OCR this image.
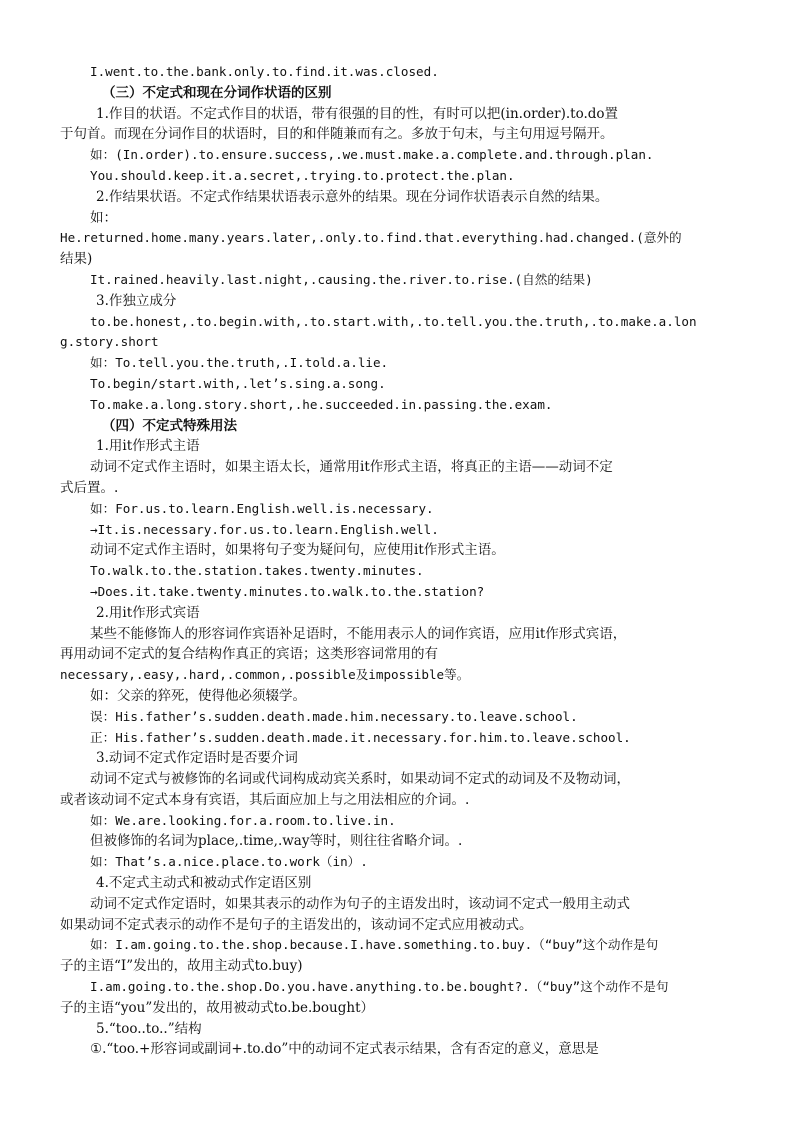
I.went.to.the.bank.only.to.find.it.was.closed.
（三）不定式和现在分词作状语的区别
1.作目的状语。不定式作目的状语，带有很强的目的性，有时可以把(in.order).to.do置
于句首。而现在分词作目的状语时，目的和伴随兼而有之。多放于句末，与主句用逗号隔开。
如：(In.order).to.ensure.success,.we.must.make.a.complete.and.through.plan.
You.should.keep.it.a.secret,.trying.to.protect.the.plan.
2.作结果状语。不定式作结果状语表示意外的结果。现在分词作状语表示自然的结果。
如：
He.returned.home.many.years.later,.only.to.find.that.everything.had.changed.(意外的
结果)
It.rained.heavily.last.night,.causing.the.river.to.rise.(自然的结果)
3.作独立成分
to.be.honest,.to.begin.with,.to.start.with,.to.tell.you.the.truth,.to.make.a.lon
g.story.short
如：To.tell.you.the.truth,.I.told.a.lie.
To.begin/start.with,.let’s.sing.a.song.
To.make.a.long.story.short,.he.succeeded.in.passing.the.exam.
（四）不定式特殊用法
1.用it作形式主语
动词不定式作主语时，如果主语太长，通常用it作形式主语，将真正的主语——动词不定
式后置。.
如：For.us.to.learn.English.well.is.necessary.
→It.is.necessary.for.us.to.learn.English.well.
动词不定式作主语时，如果将句子变为疑问句，应使用it作形式主语。
To.walk.to.the.station.takes.twenty.minutes.
→Does.it.take.twenty.minutes.to.walk.to.the.station?
2.用it作形式宾语
某些不能修饰人的形容词作宾语补足语时，不能用表示人的词作宾语，应用it作形式宾语，
再用动词不定式的复合结构作真正的宾语；这类形容词常用的有
necessary,.easy,.hard,.common,.possible及impossible等。
如：父亲的猝死，使得他必须辍学。
误：His.father’s.sudden.death.made.him.necessary.to.leave.school.
正：His.father’s.sudden.death.made.it.necessary.for.him.to.leave.school.
3.动词不定式作定语时是否要介词
动词不定式与被修饰的名词或代词构成动宾关系时，如果动词不定式的动词及不及物动词，
或者该动词不定式本身有宾语，其后面应加上与之用法相应的介词。.
如：We.are.looking.for.a.room.to.live.in.
但被修饰的名词为place,.time,.way等时，则往往省略介词。.
如：That’s.a.nice.place.to.work（in）.
4.不定式主动式和被动式作定语区别
动词不定式作定语时，如果其表示的动作为句子的主语发出时，该动词不定式一般用主动式
如果动词不定式表示的动作不是句子的主语发出的，该动词不定式应用被动式。
如：I.am.going.to.the.shop.because.I.have.something.to.buy.（“buy”这个动作是句
子的主语“I”发出的，故用主动式to.buy)
I.am.going.to.the.shop.Do.you.have.anything.to.be.bought?.（“buy”这个动作不是句
子的主语“you”发出的，故用被动式to.be.bought）
5.“too..to..”结构
①.“too.+形容词或副词+.to.do”中的动词不定式表示结果，含有否定的意义，意思是
